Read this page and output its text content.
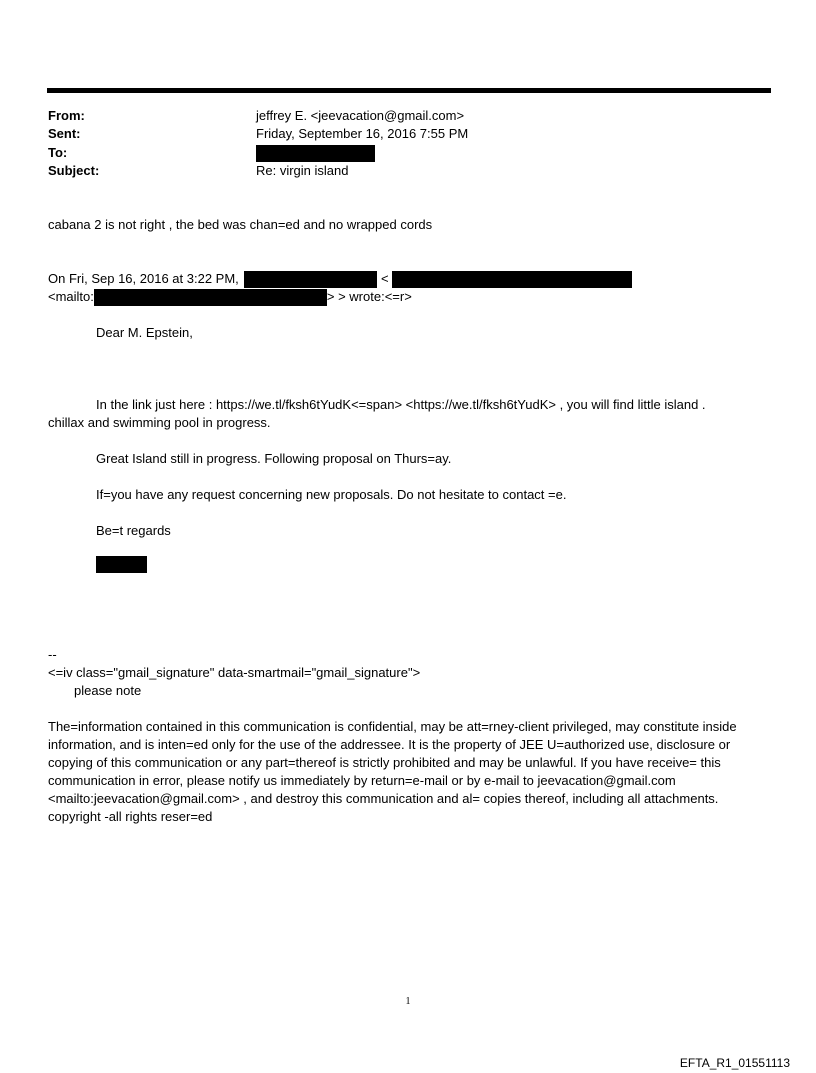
From:	jeffrey E. <jeevacation@gmail.com>
Sent:	Friday, September 16, 2016 7:55 PM
To:
Subject:	Re: virgin island
cabana 2 is not right , the bed was chan=ed and no wrapped cords
On Fri, Sep 16, 2016 at 3:22 PM,	<
<mailto:	> > wrote:<=r>
Dear M. Epstein,
In the link just here : https://we.tl/fksh6tYudK<=span> <https://we.tl/fksh6tYudK> , you will find little island .
chillax and swimming pool in progress.
Great Island still in progress. Following proposal on Thurs=ay.
If=you have any request concerning new proposals. Do not hesitate to contact =e.
Be=t regards
--
<=iv class="gmail_signature" data-smartmail="gmail_signature">
please note
The=information contained in this communication is confidential, may be att=rney-client privileged, may constitute inside information, and is inten=ed only for the use of the addressee. It is the property of JEE U=authorized use, disclosure or copying of this communication or any part=thereof is strictly prohibited and may be unlawful. If you have receive= this communication in error, please notify us immediately by return=e-mail or by e-mail to jeevacation@gmail.com <mailto:jeevacation@gmail.com> , and destroy this communication and al= copies thereof, including all attachments. copyright -all rights reser=ed
1
EFTA_R1_01551113
